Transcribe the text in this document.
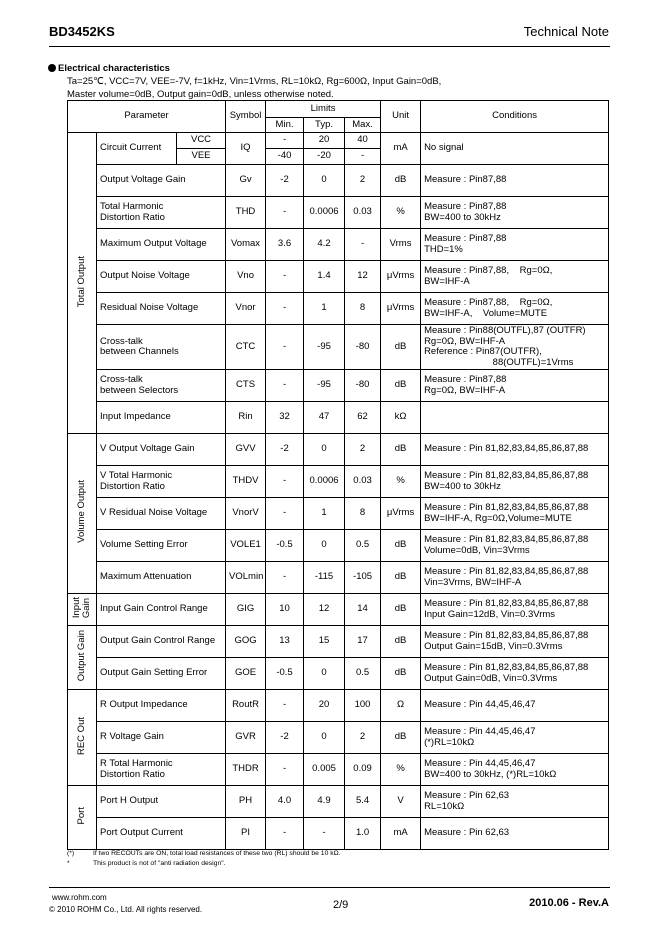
BD3452KS	Technical Note
Electrical characteristics
Ta=25℃, VCC=7V, VEE=-7V, f=1kHz, Vin=1Vrms, RL=10kΩ, Rg=600Ω, Input Gain=0dB,
Master volume=0dB, Output gain=0dB, unless otherwise noted.
Parameter			Symbol	Limits			Unit	Conditions
				Min.	Typ.	Max.		
Total Output	Circuit Current	VCC	IQ	-	20	40	mA	No signal
		VEE		-40	-20	-		
	Output Voltage Gain		Gv	-2	0	2	dB	Measure : Pin87,88
	Total Harmonic
Distortion Ratio		THD	-	0.0006	0.03	%	Measure : Pin87,88
BW=400 to 30kHz
	Maximum Output Voltage		Vomax	3.6	4.2	-	Vrms	Measure : Pin87,88
THD=1%
	Output Noise Voltage		Vno	-	1.4	12	μVrms	Measure : Pin87,88,    Rg=0Ω,
BW=IHF-A
	Residual Noise Voltage		Vnor	-	1	8	μVrms	Measure : Pin87,88,    Rg=0Ω,
BW=IHF-A,    Volume=MUTE
	Cross-talk
between Channels		CTC	-	-95	-80	dB	Measure : Pin88(OUTFL),87 (OUTFR)
Rg=0Ω, BW=IHF-A
Reference : Pin87(OUTFR),
88(OUTFL)=1Vrms
	Cross-talk
between Selectors		CTS	-	-95	-80	dB	Measure : Pin87,88
Rg=0Ω, BW=IHF-A
	Input Impedance		Rin	32	47	62	kΩ	
Volume Output	V Output Voltage Gain		GVV	-2	0	2	dB	Measure : Pin 81,82,83,84,85,86,87,88
	V Total Harmonic
Distortion Ratio		THDV	-	0.0006	0.03	%	Measure : Pin 81,82,83,84,85,86,87,88
BW=400 to 30kHz
	V Residual Noise Voltage		VnorV	-	1	8	μVrms	Measure : Pin 81,82,83,84,85,86,87,88
BW=IHF-A, Rg=0Ω,Volume=MUTE
	Volume Setting Error		VOLE1	-0.5	0	0.5	dB	Measure : Pin 81,82,83,84,85,86,87,88
Volume=0dB, Vin=3Vrms
	Maximum Attenuation		VOLmin	-	-115	-105	dB	Measure : Pin 81,82,83,84,85,86,87,88
Vin=3Vrms, BW=IHF-A
InputGain	Input Gain Control Range		GIG	10	12	14	dB	Measure : Pin 81,82,83,84,85,86,87,88
Input Gain=12dB, Vin=0.3Vrms
Output Gain	Output Gain Control Range		GOG	13	15	17	dB	Measure : Pin 81,82,83,84,85,86,87,88
Output Gain=15dB, Vin=0.3Vrms
	Output Gain Setting Error		GOE	-0.5	0	0.5	dB	Measure : Pin 81,82,83,84,85,86,87,88
Output Gain=0dB, Vin=0.3Vrms
REC Out	R Output Impedance		RoutR	-	20	100	Ω	Measure : Pin 44,45,46,47
	R Voltage Gain		GVR	-2	0	2	dB	Measure : Pin 44,45,46,47
(*)RL=10kΩ
	R Total Harmonic
Distortion Ratio		THDR	-	0.005	0.09	%	Measure : Pin 44,45,46,47
BW=400 to 30kHz, (*)RL=10kΩ
Port	Port H Output		PH	4.0	4.9	5.4	V	Measure : Pin 62,63
RL=10kΩ
	Port Output Current		PI	-	-	1.0	mA	Measure : Pin 62,63
(*)	If two RECOUTs are ON, total load resistances of these two (RL) should be 10 kΩ.
*	This product is not of "anti radiation design".
www.rohm.com
© 2010 ROHM Co., Ltd. All rights reserved.	2/9	2010.06 - Rev.A
